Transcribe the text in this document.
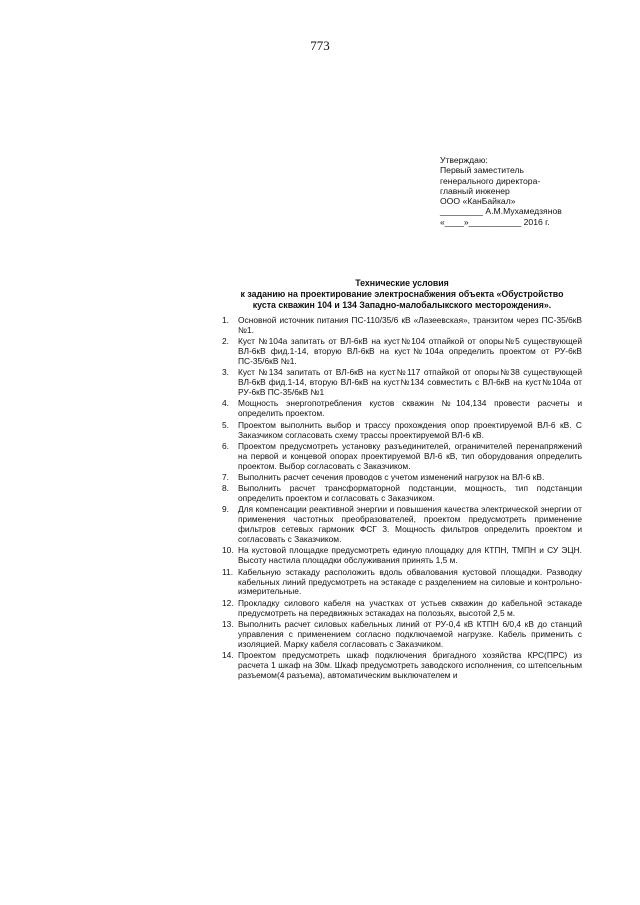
773
Утверждаю:
Первый заместитель
генерального директора-
главный инженер
ООО «КанБайкал»
_________ А.М.Мухамедзянов
«____»___________ 2016 г.
Технические условия
к заданию на проектирование электроснабжения объекта «Обустройство
куста скважин 104 и 134 Западно-малобалыкского месторождения».
1.	Основной источник питания ПС-110/35/6 кВ «Лазеевская», транзитом через ПС-35/6кВ №1.
2.	Куст №104а запитать от ВЛ-6кВ на куст№104 отпайкой от опоры№5 существующей ВЛ-6кВ фид.1-14, вторую ВЛ-6кВ на куст№104а определить проектом от РУ-6кВ ПС-35/6кВ №1.
3.	Куст №134 запитать от ВЛ-6кВ на куст№117 отпайкой от опоры№38 существующей ВЛ-6кВ фид.1-14, вторую ВЛ-6кВ на куст№134 совместить с ВЛ-6кВ на куст№104а от РУ-6кВ ПС-35/6кВ №1
4.	Мощность энергопотребления кустов скважин №104,134 провести расчеты и определить проектом.
5.	Проектом выполнить выбор и трассу прохождения опор проектируемой ВЛ-6 кВ. С Заказчиком согласовать схему трассы проектируемой ВЛ-6 кВ.
6.	Проектом предусмотреть установку разъединителей, ограничителей перенапряжений на первой и концевой опорах проектируемой ВЛ-6 кВ, тип оборудования определить проектом. Выбор согласовать с Заказчиком.
7.	Выполнить расчет сечения проводов с учетом изменений нагрузок на ВЛ-6 кВ.
8.	Выполнить расчет трансформаторной подстанции, мощность, тип подстанции определить проектом и согласовать с Заказчиком.
9.	Для компенсации реактивной энергии и повышения качества электрической энергии от применения частотных преобразователей, проектом предусмотреть применение фильтров сетевых гармоник ФСГ 3. Мощность фильтров определить проектом и согласовать с Заказчиком.
10. На кустовой площадке предусмотреть единую площадку для КТПН, ТМПН и СУ ЭЦН. Высоту настила площадки обслуживания принять 1,5 м.
11. Кабельную эстакаду расположить вдоль обвалования кустовой площадки. Разводку кабельных линий предусмотреть на эстакаде с разделением на силовые и контрольно-измерительные.
12. Прокладку силового кабеля на участках от устьев скважин до кабельной эстакаде предусмотреть на передвижных эстакадах на полозьях, высотой 2,5 м.
13. Выполнить расчет силовых кабельных линий от РУ-0,4 кВ КТПН 6/0,4 кВ до станций управления с применением согласно подключаемой нагрузке. Кабель применить с изоляцией. Марку кабеля согласовать с Заказчиком.
14. Проектом предусмотреть шкаф подключения бригадного хозяйства КРС(ПРС) из расчета 1 шкаф на 30м. Шкаф предусмотреть заводского исполнения, со штепсельным разъемом(4 разъема), автоматическим выключателем и
